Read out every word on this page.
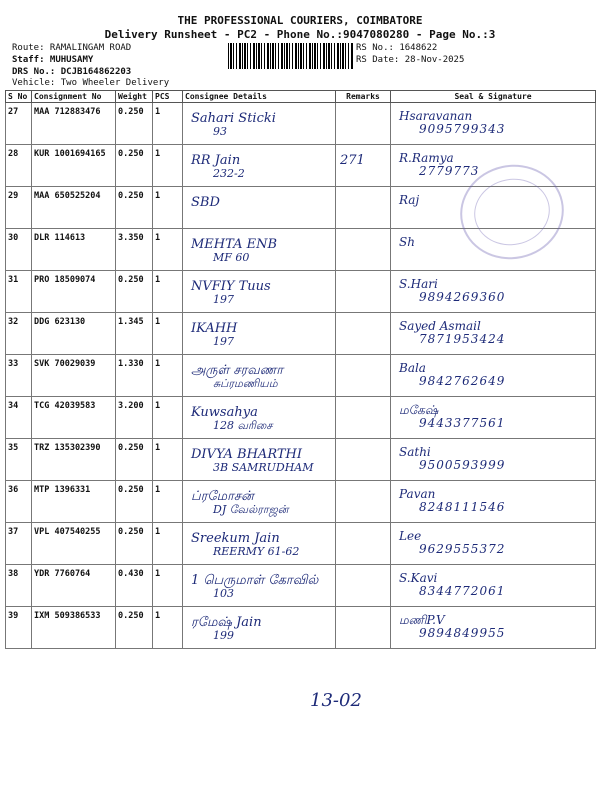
THE PROFESSIONAL COURIERS, COIMBATORE
Delivery Runsheet - PC2 - Phone No.:9047080280 - Page No.:3
Route: RAMALINGAM ROAD
Staff: MUHUSAMY
DRS No.: DCJB164862203
Vehicle: Two Wheeler Delivery
RS No.: 1648622
RS Date: 28-Nov-2025
S No	Consignment No	Weight	PCS	Consignee Details	Remarks	Seal & Signature
27	MAA 712883476	0.250	1	Sahari Sticki
93		Hsaravanan
9095799343

28	KUR 1001694165	0.250	1	RR Jain
232-2	271	R.Ramya
2779773

29	MAA 650525204	0.250	1	SBD		Raj

30	DLR 114613	3.350	1	MEHTA ENB
MF 60		Sh

31	PRO 18509074	0.250	1	NVFIY Tuus
197		S.Hari
9894269360

32	DDG 623130	1.345	1	IKAHH
197		Sayed Asmail
7871953424

33	SVK 70029039	1.330	1	அருள் சரவணா
சுப்ரமணியம்		Bala
9842762649

34	TCG 42039583	3.200	1	Kuwsahya
128 வரிசை		மகேஷ்
9443377561

35	TRZ 135302390	0.250	1	DIVYA BHARTHI
3B SAMRUDHAM		Sathi
9500593999

36	MTP 1396331	0.250	1	ப்ரமோசன்
DJ வேல்ராஜன்		Pavan
8248111546

37	VPL 407540255	0.250	1	Sreekum Jain
REERMY 61-62		Lee
9629555372

38	YDR 7760764	0.430	1	1 பெருமாள் கோவில்
103		S.Kavi
8344772061

39	IXM 509386533	0.250	1	ரமேஷ் Jain
199		மணிP.V
9894849955
13-02
